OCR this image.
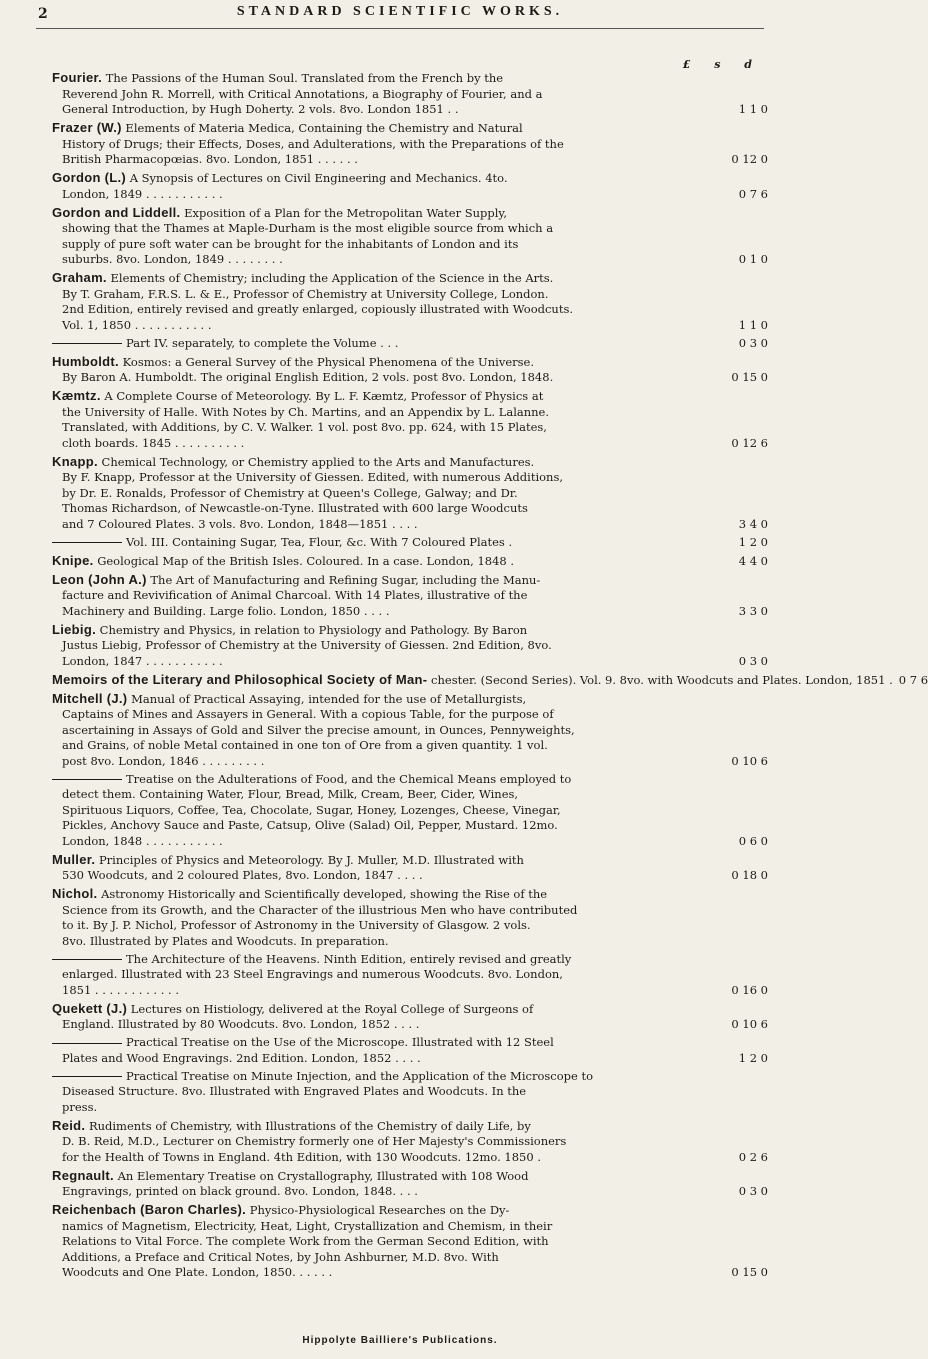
2	STANDARD SCIENTIFIC WORKS.
£ s d
Fourier. The Passions of the Human Soul. Translated from the French by the
Reverend John R. Morrell, with Critical Annotations, a Biography of Fourier, and a
General Introduction, by Hugh Doherty. 2 vols. 8vo. London 1851 . .	1 1 0
Frazer (W.) Elements of Materia Medica, Containing the Chemistry and Natural
History of Drugs; their Effects, Doses, and Adulterations, with the Preparations of the
British Pharmacopœias. 8vo. London, 1851 . . . . . .	0 12 0
Gordon (L.) A Synopsis of Lectures on Civil Engineering and Mechanics. 4to.
London, 1849 . . . . . . . . . . .	0 7 6
Gordon and Liddell. Exposition of a Plan for the Metropolitan Water Supply,
showing that the Thames at Maple-Durham is the most eligible source from which a
supply of pure soft water can be brought for the inhabitants of London and its
suburbs. 8vo. London, 1849 . . . . . . . .	0 1 0
Graham. Elements of Chemistry; including the Application of the Science in the Arts.
By T. Graham, F.R.S. L. & E., Professor of Chemistry at University College, London.
2nd Edition, entirely revised and greatly enlarged, copiously illustrated with Woodcuts.
Vol. 1, 1850 . . . . . . . . . . .	1 1 0
Part IV. separately, to complete the Volume . . .	0 3 0
Humboldt. Kosmos: a General Survey of the Physical Phenomena of the Universe.
By Baron A. Humboldt. The original English Edition, 2 vols. post 8vo. London, 1848.	0 15 0
Kæmtz. A Complete Course of Meteorology. By L. F. Kæmtz, Professor of Physics at
the University of Halle. With Notes by Ch. Martins, and an Appendix by L. Lalanne.
Translated, with Additions, by C. V. Walker. 1 vol. post 8vo. pp. 624, with 15 Plates,
cloth boards. 1845 . . . . . . . . . .	0 12 6
Knapp. Chemical Technology, or Chemistry applied to the Arts and Manufactures.
By F. Knapp, Professor at the University of Giessen. Edited, with numerous Additions,
by Dr. E. Ronalds, Professor of Chemistry at Queen's College, Galway; and Dr.
Thomas Richardson, of Newcastle-on-Tyne. Illustrated with 600 large Woodcuts
and 7 Coloured Plates. 3 vols. 8vo. London, 1848—1851 . . . .	3 4 0
Vol. III. Containing Sugar, Tea, Flour, &c. With 7 Coloured Plates .	1 2 0
Knipe. Geological Map of the British Isles. Coloured. In a case. London, 1848 .	4 4 0
Leon (John A.) The Art of Manufacturing and Refining Sugar, including the Manu-
facture and Revivification of Animal Charcoal. With 14 Plates, illustrative of the
Machinery and Building. Large folio. London, 1850 . . . .	3 3 0
Liebig. Chemistry and Physics, in relation to Physiology and Pathology. By Baron
Justus Liebig, Professor of Chemistry at the University of Giessen. 2nd Edition, 8vo.
London, 1847 . . . . . . . . . . .	0 3 0
Memoirs of the Literary and Philosophical Society of Man- chester. (Second Series). Vol. 9. 8vo. with Woodcuts and Plates. London, 1851 . 0 7 6
Mitchell (J.) Manual of Practical Assaying, intended for the use of Metallurgists,
Captains of Mines and Assayers in General. With a copious Table, for the purpose of
ascertaining in Assays of Gold and Silver the precise amount, in Ounces, Pennyweights,
and Grains, of noble Metal contained in one ton of Ore from a given quantity. 1 vol.
post 8vo. London, 1846 . . . . . . . . .	0 10 6
Treatise on the Adulterations of Food, and the Chemical Means employed to
detect them. Containing Water, Flour, Bread, Milk, Cream, Beer, Cider, Wines,
Spirituous Liquors, Coffee, Tea, Chocolate, Sugar, Honey, Lozenges, Cheese, Vinegar,
Pickles, Anchovy Sauce and Paste, Catsup, Olive (Salad) Oil, Pepper, Mustard. 12mo.
London, 1848 . . . . . . . . . . .	0 6 0
Muller. Principles of Physics and Meteorology. By J. Muller, M.D. Illustrated with
530 Woodcuts, and 2 coloured Plates, 8vo. London, 1847 . . . .	0 18 0
Nichol. Astronomy Historically and Scientifically developed, showing the Rise of the
Science from its Growth, and the Character of the illustrious Men who have contributed
to it. By J. P. Nichol, Professor of Astronomy in the University of Glasgow. 2 vols.
8vo. Illustrated by Plates and Woodcuts. In preparation.
The Architecture of the Heavens. Ninth Edition, entirely revised and greatly
enlarged. Illustrated with 23 Steel Engravings and numerous Woodcuts. 8vo. London,
1851 . . . . . . . . . . . .	0 16 0
Quekett (J.) Lectures on Histiology, delivered at the Royal College of Surgeons of
England. Illustrated by 80 Woodcuts. 8vo. London, 1852 . . . .	0 10 6
Practical Treatise on the Use of the Microscope. Illustrated with 12 Steel
Plates and Wood Engravings. 2nd Edition. London, 1852 . . . .	1 2 0
Practical Treatise on Minute Injection, and the Application of the Microscope to
Diseased Structure. 8vo. Illustrated with Engraved Plates and Woodcuts. In the
press.
Reid. Rudiments of Chemistry, with Illustrations of the Chemistry of daily Life, by
D. B. Reid, M.D., Lecturer on Chemistry formerly one of Her Majesty's Commissioners
for the Health of Towns in England. 4th Edition, with 130 Woodcuts. 12mo. 1850 .	0 2 6
Regnault. An Elementary Treatise on Crystallography, Illustrated with 108 Wood
Engravings, printed on black ground. 8vo. London, 1848. . . .	0 3 0
Reichenbach (Baron Charles). Physico-Physiological Researches on the Dy-
namics of Magnetism, Electricity, Heat, Light, Crystallization and Chemism, in their
Relations to Vital Force. The complete Work from the German Second Edition, with
Additions, a Preface and Critical Notes, by John Ashburner, M.D. 8vo. With
Woodcuts and One Plate. London, 1850. . . . . .	0 15 0
Hippolyte Bailliere's Publications.
